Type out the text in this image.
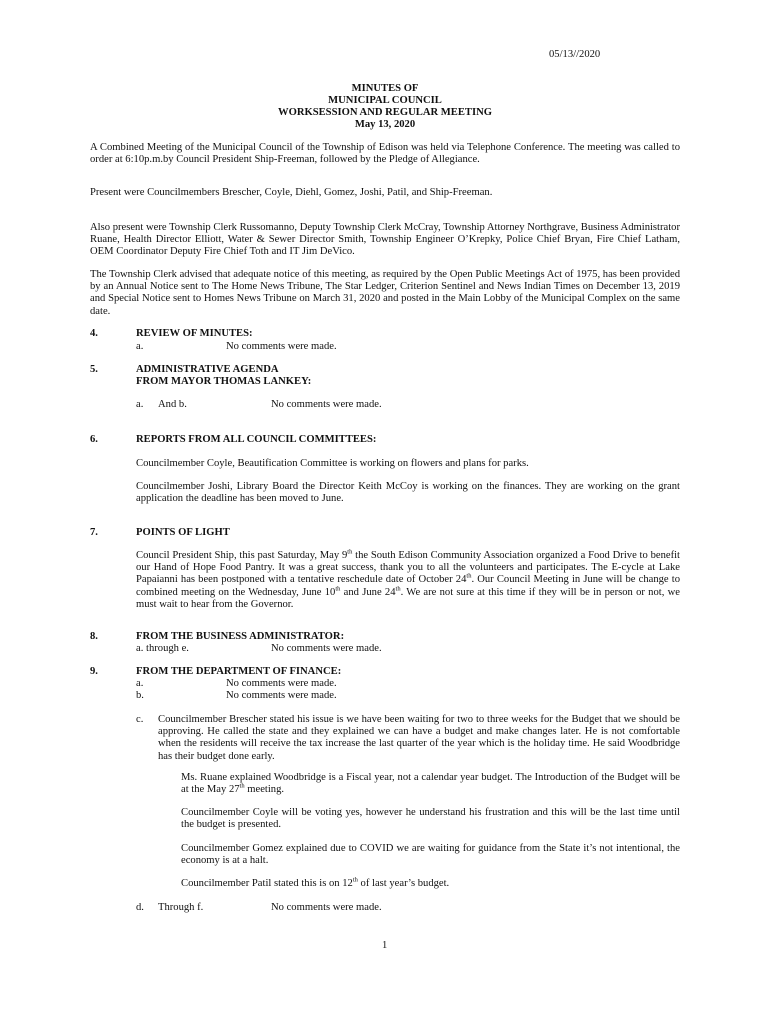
05/13//2020
MINUTES OF
MUNICIPAL COUNCIL
WORKSESSION AND REGULAR MEETING
May 13, 2020
A Combined Meeting of the Municipal Council of the Township of Edison was held via Telephone Conference. The meeting was called to order at 6:10p.m.by Council President Ship-Freeman, followed by the Pledge of Allegiance.
Present were Councilmembers Brescher, Coyle, Diehl, Gomez, Joshi, Patil, and Ship-Freeman.
Also present were Township Clerk Russomanno, Deputy Township Clerk McCray, Township Attorney Northgrave, Business Administrator Ruane, Health Director Elliott, Water & Sewer Director Smith, Township Engineer O’Krepky, Police Chief Bryan, Fire Chief Latham, OEM Coordinator Deputy Fire Chief Toth and IT Jim DeVico.
The Township Clerk advised that adequate notice of this meeting, as required by the Open Public Meetings Act of 1975, has been provided by an Annual Notice sent to The Home News Tribune, The Star Ledger, Criterion Sentinel and News Indian Times on December 13, 2019 and Special Notice sent to Homes News Tribune on March 31, 2020 and posted in the Main Lobby of the Municipal Complex on the same date.
4.	REVIEW OF MINUTES:
a.	No comments were made.
5.	ADMINISTRATIVE AGENDA
FROM MAYOR THOMAS LANKEY:
a. And b.	No comments were made.
6.	REPORTS FROM ALL COUNCIL COMMITTEES:
Councilmember Coyle, Beautification Committee is working on flowers and plans for parks.
Councilmember Joshi, Library Board the Director Keith McCoy is working on the finances. They are working on the grant application the deadline has been moved to June.
7.	POINTS OF LIGHT
Council President Ship, this past Saturday, May 9th the South Edison Community Association organized a Food Drive to benefit our Hand of Hope Food Pantry. It was a great success, thank you to all the volunteers and participates. The E-cycle at Lake Papaianni has been postponed with a tentative reschedule date of October 24th. Our Council Meeting in June will be change to combined meeting on the Wednesday, June 10th and June 24th. We are not sure at this time if they will be in person or not, we must wait to hear from the Governor.
8.	FROM THE BUSINESS ADMINISTRATOR:
a. through e.	No comments were made.
9.	FROM THE DEPARTMENT OF FINANCE:
a.	No comments were made.
b.	No comments were made.
c. Councilmember Brescher stated his issue is we have been waiting for two to three weeks for the Budget that we should be approving. He called the state and they explained we can have a budget and make changes later. He is not comfortable when the residents will receive the tax increase the last quarter of the year which is the holiday time. He said Woodbridge has their budget done early.
Ms. Ruane explained Woodbridge is a Fiscal year, not a calendar year budget. The Introduction of the Budget will be at the May 27th meeting.
Councilmember Coyle will be voting yes, however he understand his frustration and this will be the last time until the budget is presented.
Councilmember Gomez explained due to COVID we are waiting for guidance from the State it’s not intentional, the economy is at a halt.
Councilmember Patil stated this is on 12th of last year’s budget.
d. Through f.	No comments were made.
1
